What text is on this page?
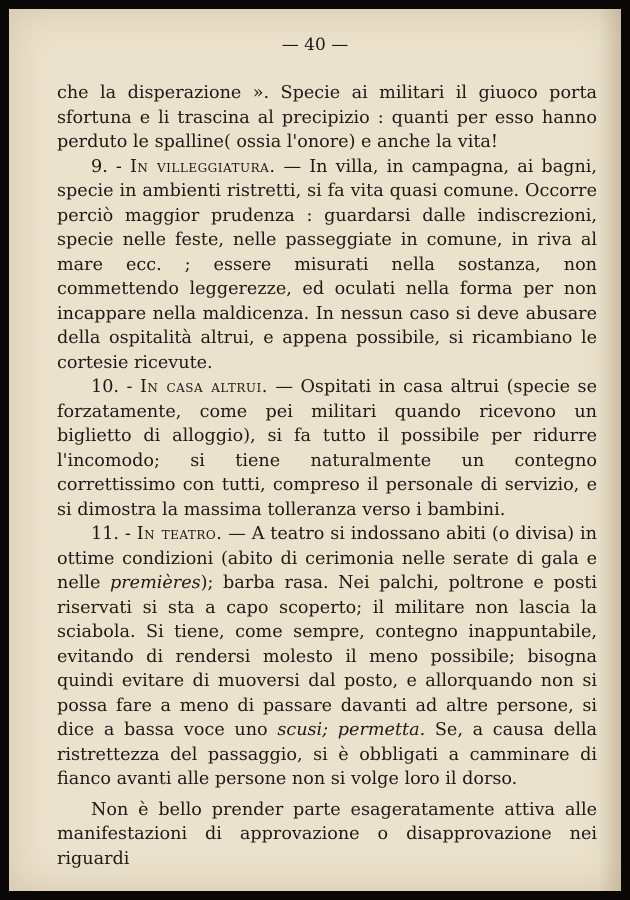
— 40 —

che la disperazione ». Specie ai militari il giuoco porta sfortuna e li trascina al precipizio : quanti per esso hanno perduto le spalline( ossia l'onore) e anche la vita!

9. - In villeggiatura. — In villa, in campagna, ai bagni, specie in ambienti ristretti, si fa vita quasi comune. Occorre perciò maggior prudenza : guardarsi dalle indiscrezioni, specie nelle feste, nelle passeggiate in comune, in riva al mare ecc. ; essere misurati nella sostanza, non commettendo leggerezze, ed oculati nella forma per non incappare nella maldicenza. In nessun caso si deve abusare della ospitalità altrui, e appena possibile, si ricambiano le cortesie ricevute.

10. - In casa altrui. — Ospitati in casa altrui (specie se forzatamente, come pei militari quando ricevono un biglietto di alloggio), si fa tutto il possibile per ridurre l'incomodo; si tiene naturalmente un contegno correttissimo con tutti, compreso il personale di servizio, e si dimostra la massima tolleranza verso i bambini.

11. - In teatro. — A teatro si indossano abiti (o divisa) in ottime condizioni (abito di cerimonia nelle serate di gala e nelle premières); barba rasa. Nei palchi, poltrone e posti riservati si sta a capo scoperto; il militare non lascia la sciabola. Si tiene, come sempre, contegno inappuntabile, evitando di rendersi molesto il meno possibile; bisogna quindi evitare di muoversi dal posto, e allorquando non si possa fare a meno di passare davanti ad altre persone, si dice a bassa voce uno scusi; permetta. Se, a causa della ristrettezza del passaggio, si è obbligati a camminare di fianco avanti alle persone non si volge loro il dorso.

Non è bello prender parte esageratamente attiva alle manifestazioni di approvazione o disapprovazione nei riguardi
